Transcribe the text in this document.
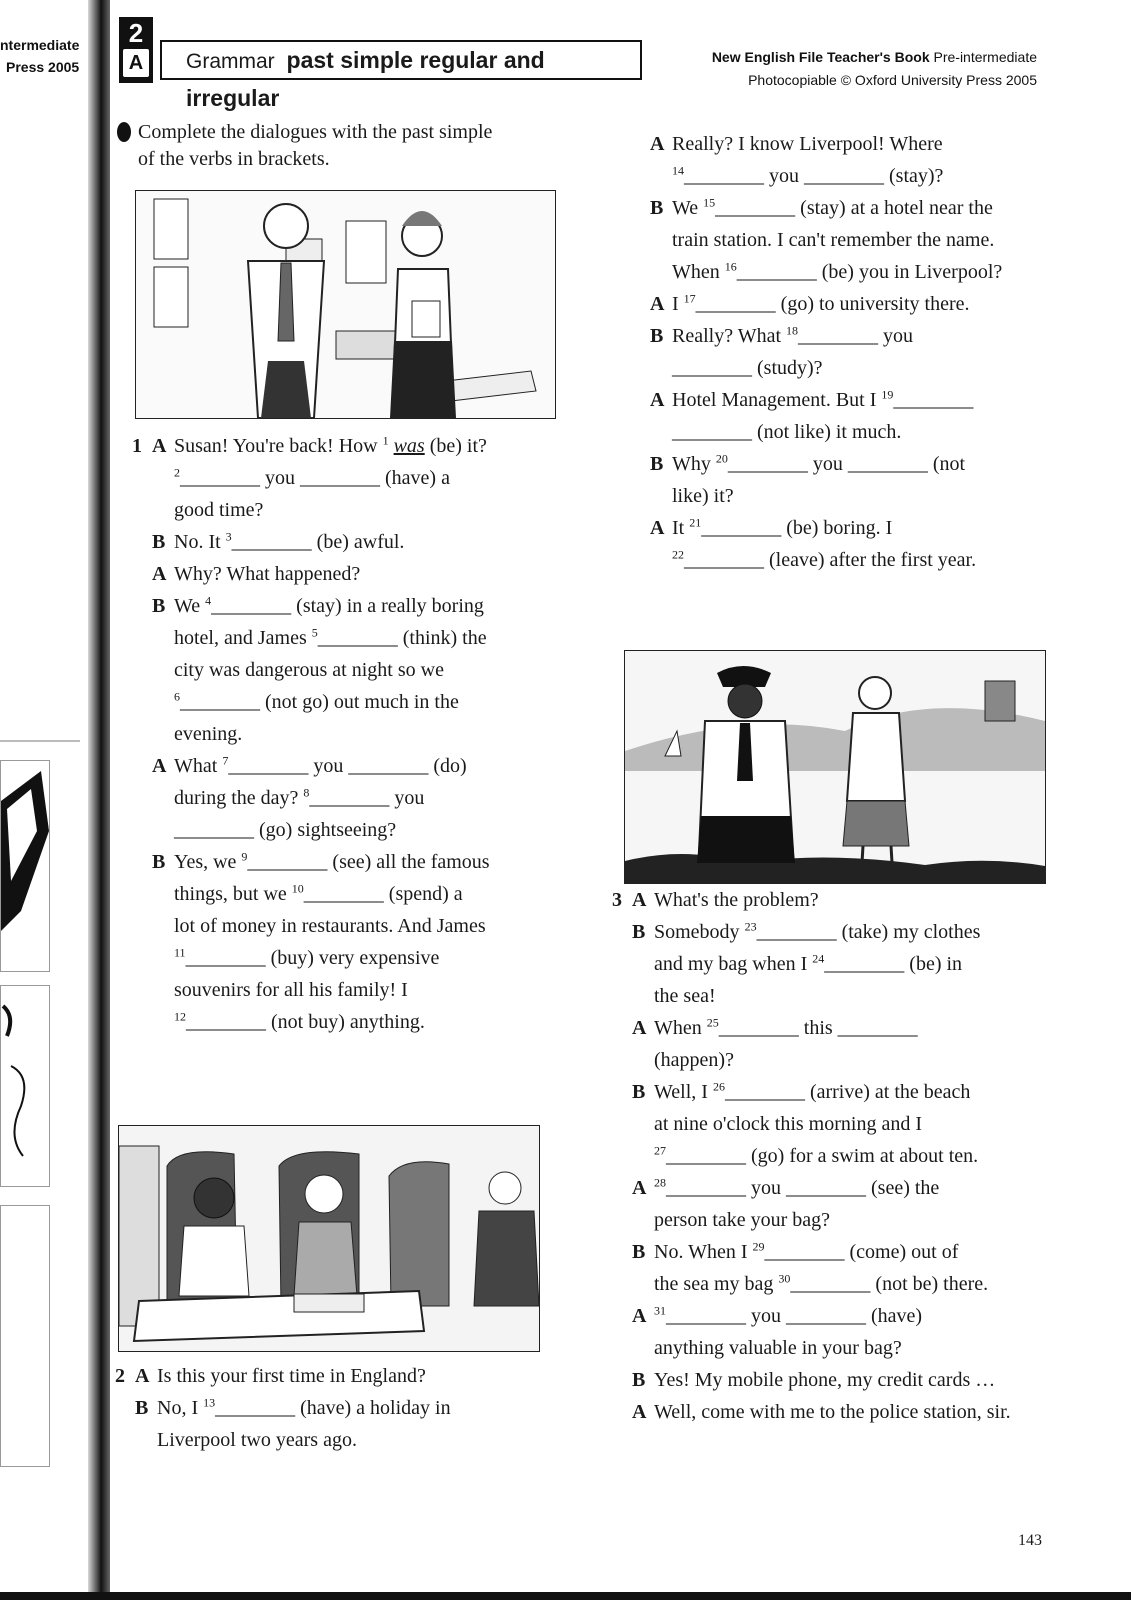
ntermediate
Press 2005
2
A	Grammar past simple regular and irregular
New English File Teacher's Book Pre-intermediate
Photocopiable © Oxford University Press 2005
Complete the dialogues with the past simple
of the verbs in brackets.
1 A Susan! You're back! How $^1$ was (be) it?
$^2$________ you ________ (have) a
good time?
B No. It $^3$________ (be) awful.
A Why? What happened?
B We $^4$________ (stay) in a really boring
hotel, and James $^5$________ (think) the
city was dangerous at night so we
$^6$________ (not go) out much in the
evening.
A What $^7$________ you ________ (do)
during the day? $^8$________ you
________ (go) sightseeing?
B Yes, we $^9$________ (see) all the famous
things, but we $^{10}$________ (spend) a
lot of money in restaurants. And James
$^{11}$________ (buy) very expensive
souvenirs for all his family! I
$^{12}$________ (not buy) anything.
2 A Is this your first time in England?
B No, I $^{13}$________ (have) a holiday in
Liverpool two years ago.
A Really? I know Liverpool! Where
$^{14}$________ you ________ (stay)?
B We $^{15}$________ (stay) at a hotel near the
train station. I can't remember the name.
When $^{16}$________ (be) you in Liverpool?
A I $^{17}$________ (go) to university there.
B Really? What $^{18}$________ you
________ (study)?
A Hotel Management. But I $^{19}$________
________ (not like) it much.
B Why $^{20}$________ you ________ (not
like) it?
A It $^{21}$________ (be) boring. I
$^{22}$________ (leave) after the first year.
3 A What's the problem?
B Somebody $^{23}$________ (take) my clothes
and my bag when I $^{24}$________ (be) in
the sea!
A When $^{25}$________ this ________
(happen)?
B Well, I $^{26}$________ (arrive) at the beach
at nine o'clock this morning and I
$^{27}$________ (go) for a swim at about ten.
A $^{28}$________ you ________ (see) the
person take your bag?
B No. When I $^{29}$________ (come) out of
the sea my bag $^{30}$________ (not be) there.
A $^{31}$________ you ________ (have)
anything valuable in your bag?
B Yes! My mobile phone, my credit cards …
A Well, come with me to the police station, sir.
143
